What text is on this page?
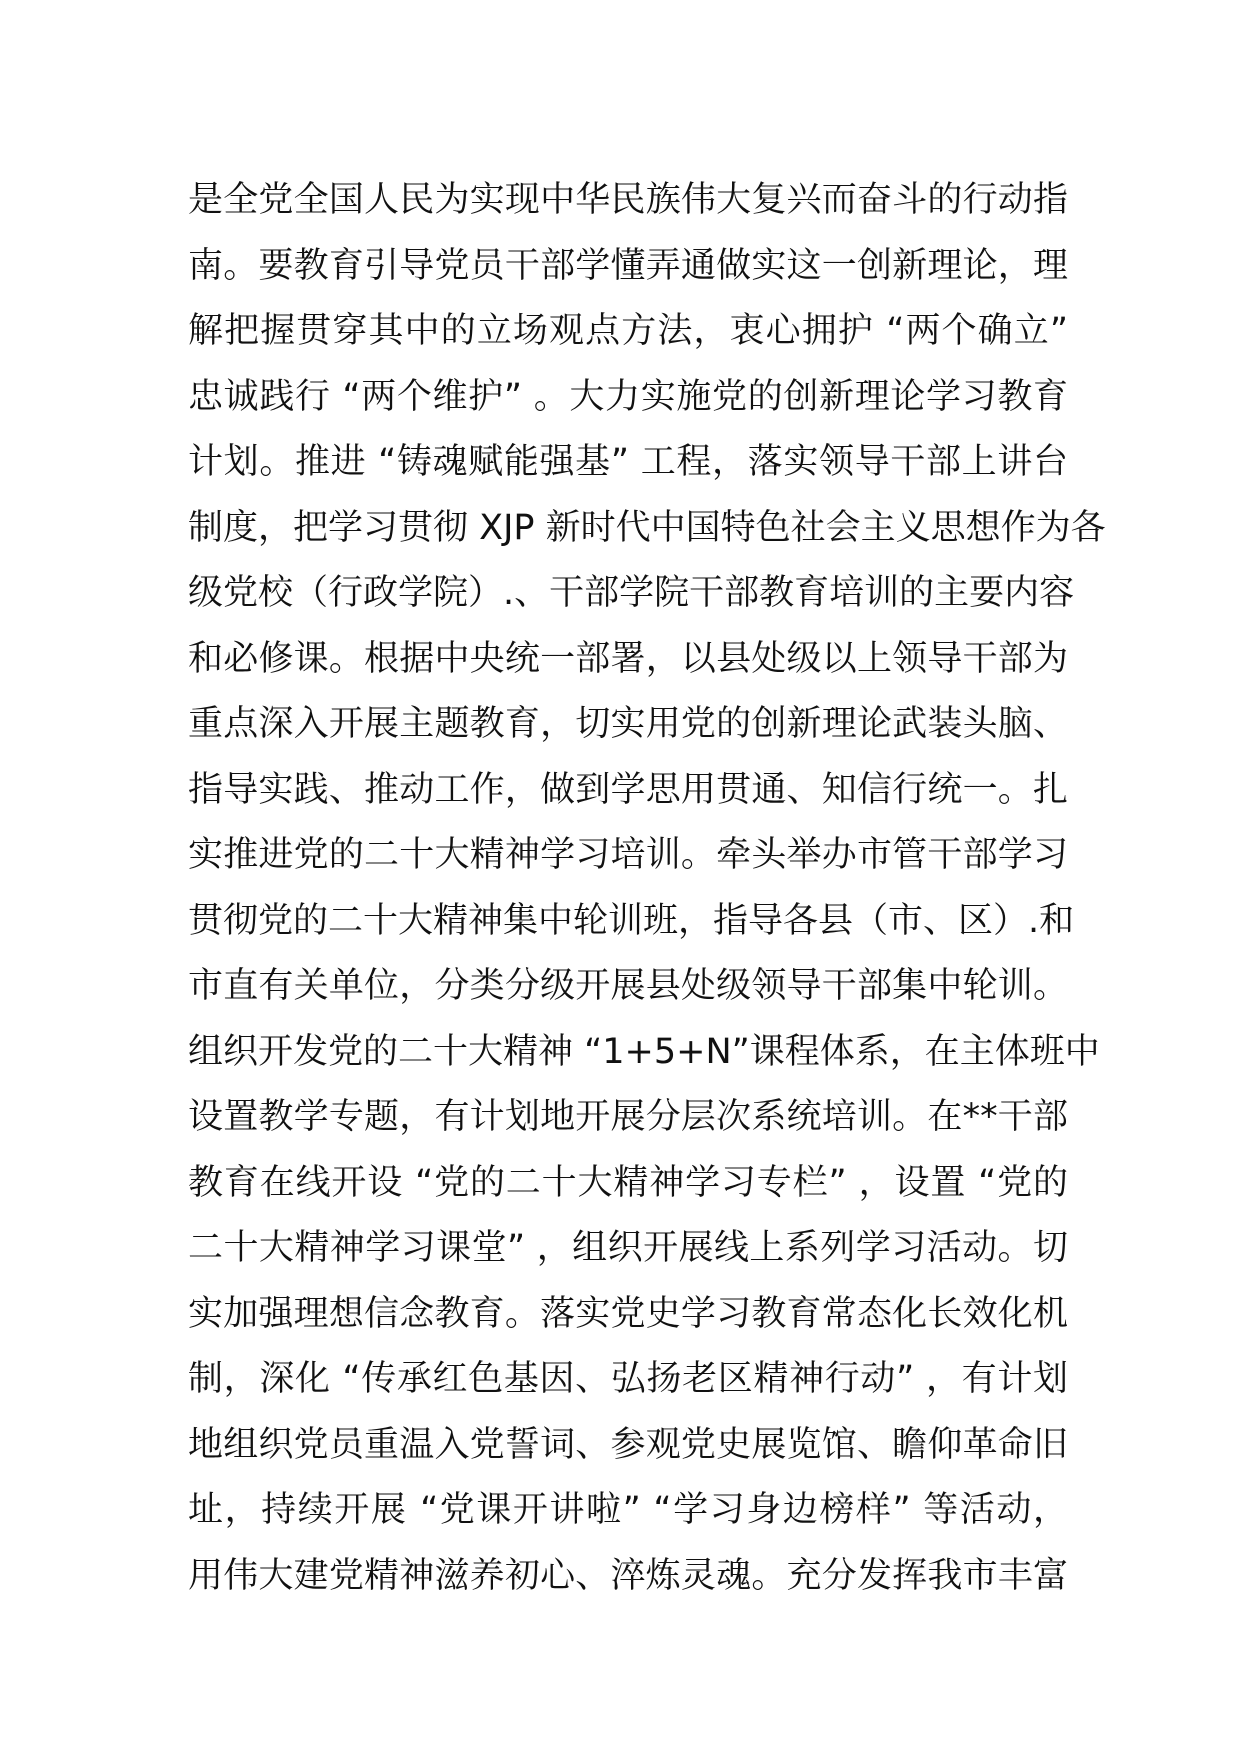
是全党全国人民为实现中华民族伟大复兴而奋斗的行动指
南。要教育引导党员干部学懂弄通做实这一创新理论，理
解把握贯穿其中的立场观点方法，衷心拥护 “两个确立”
忠诚践行 “两个维护” 。大力实施党的创新理论学习教育
计划。推进 “铸魂赋能强基” 工程，落实领导干部上讲台
制度，把学习贯彻 XJP 新时代中国特色社会主义思想作为各
级党校（行政学院）.、干部学院干部教育培训的主要内容
和必修课。根据中央统一部署，以县处级以上领导干部为
重点深入开展主题教育，切实用党的创新理论武装头脑、
指导实践、推动工作，做到学思用贯通、知信行统一。扎
实推进党的二十大精神学习培训。牵头举办市管干部学习
贯彻党的二十大精神集中轮训班，指导各县（市、区）.和
市直有关单位，分类分级开展县处级领导干部集中轮训。
组织开发党的二十大精神 “1+5+N”课程体系，在主体班中
设置教学专题，有计划地开展分层次系统培训。在**干部
教育在线开设 “党的二十大精神学习专栏” ，设置 “党的
二十大精神学习课堂” ，组织开展线上系列学习活动。切
实加强理想信念教育。落实党史学习教育常态化长效化机
制，深化 “传承红色基因、弘扬老区精神行动” ，有计划
地组织党员重温入党誓词、参观党史展览馆、瞻仰革命旧
址，持续开展 “党课开讲啦” “学习身边榜样” 等活动，
用伟大建党精神滋养初心、淬炼灵魂。充分发挥我市丰富
